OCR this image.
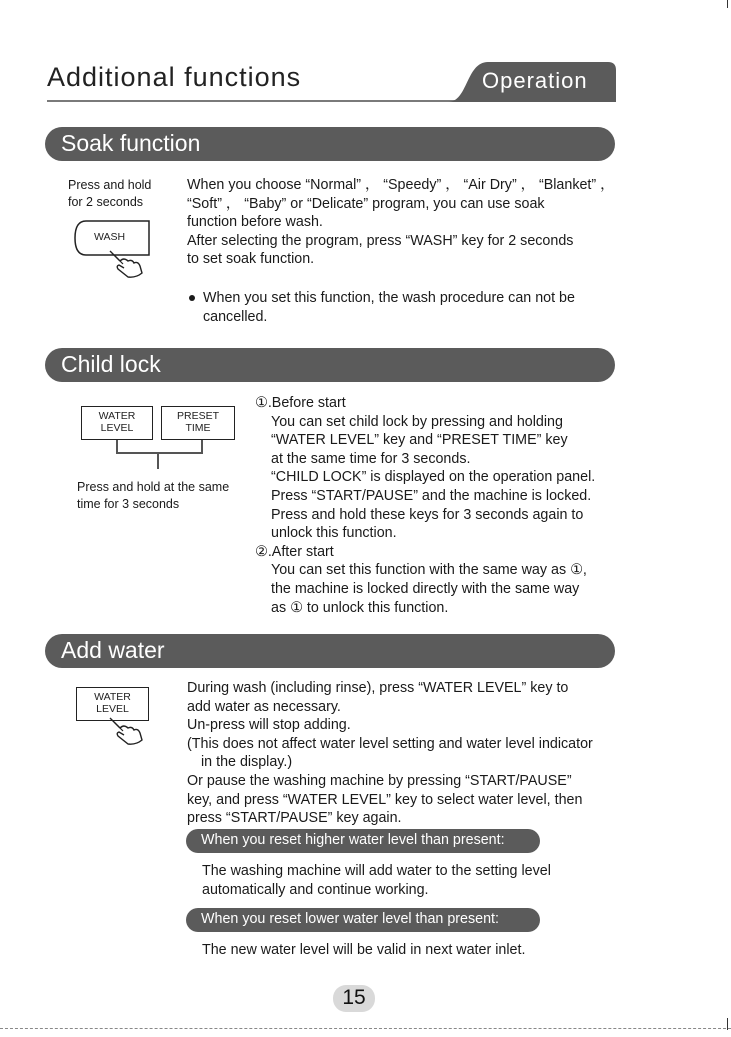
Additional functions	Operation
Soak function
Press and hold
for 2 seconds
WASH
When you choose “Normal” ， “Speedy” ， “Air Dry” ， “Blanket” ，
“Soft” ， “Baby” or “Delicate” program, you can use soak
function before wash.
After selecting the program, press “WASH” key for 2 seconds
to set soak function.
When you set this function, the wash procedure can not be
cancelled.
Child lock
WATER
LEVEL
PRESET
TIME
Press and hold at the same
time for 3 seconds
①.Before start
You can set child lock by pressing and holding
“WATER LEVEL” key and “PRESET TIME” key
at the same time for 3 seconds.
“CHILD LOCK” is displayed on the operation panel.
Press “START/PAUSE” and the machine is locked.
Press and hold these keys for 3 seconds again to
unlock this function.
②.After start
You can set this function with the same way as ①,
the machine is locked directly with the same way
as ① to unlock this function.
Add water
WATER
LEVEL
During wash (including rinse), press “WATER LEVEL” key to
add water as necessary.
Un-press will stop adding.
(This does not affect water level setting and water level indicator
in the display.)
Or pause the washing machine by pressing “START/PAUSE”
key, and press “WATER LEVEL” key to select water level, then
press “START/PAUSE” key again.
When you reset higher water level than present:
The washing machine will add water to the setting level
automatically and continue working.
When you reset lower water level than present:
The new water level will be valid in next water inlet.
15
